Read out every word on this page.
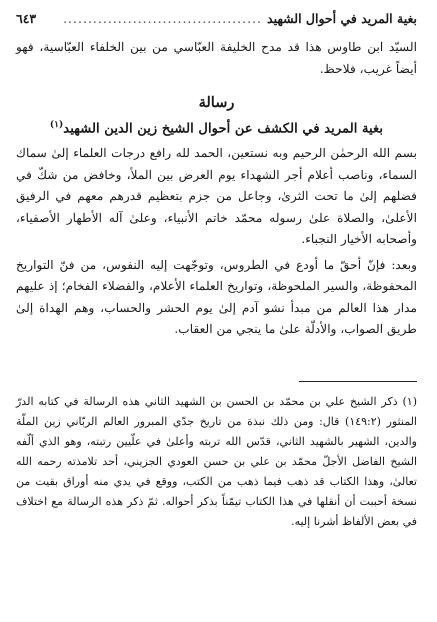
بغية المريد في أحوال الشهيد
........................................
٦٤٣

السيّد ابن طاوس هذا قد مدح الخليفة العبّاسي من بين الخلفاء العبّاسية، فهو أيضاً غريب، فلاحظ.

رسالة
بغية المريد في الكشف عن أحوال الشيخ زين الدين الشهيد$^{(١)}$

بسم الله الرحمٰن الرحيم وبه نستعين، الحمد لله رافع درجات العلماء إلىٰ سماك السماء، وناصب أعلام أجر الشهداء يوم العرض بين الملأ، وخافض من شكّ في فضلهم إلىٰ ما تحت الثرىٰ، وجاعل من جزم بتعظيم قدرهم معهم في الرفيق الأعلىٰ، والصلاة علىٰ رسوله محمّد خاتم الأنبياء، وعلىٰ آله الأطهار الأصفياء، وأصحابه الأخيار النجباء.

وبعد: فإنّ أحقّ ما أودع في الطروس، وتوجّهت إليه النفوس، من فنّ التواريخ المحفوظة، والسير الملحوظة، وتواريخ العلماء الأعلام، والفضلاء الفخام؛ إذ عليهم مدار هذا العالم من مبدأ نشو آدم إلىٰ يوم الحشر والحساب، وهم الهداة إلىٰ طريق الصواب، والأدلّة علىٰ ما ينجي من العقاب.

(١) ذكر الشيخ علي بن محمّد بن الحسن بن الشهيد الثاني هذه الرسالة في كتابه الدرّ المنثور (١٤٩:٢) قال: ومن ذلك نبذة من تاريخ جدّي المبرور العالم الربّاني زين الملّة والدين، الشهير بالشهيد الثاني، قدّس الله تربته وأعلىٰ في علّيين رتبته، وهو الذي ألّفه الشيخ الفاضل الأجلّ محمّد بن علي بن حسن العودي الجزيني، أحد تلامذته رحمه الله تعالىٰ، وهذا الكتاب قد ذهب فيما ذهب من الكتب، ووقع في يدي منه أوراق بقيت من نسخة أحببت أن أنقلها في هذا الكتاب تيمّناً بذكر أحواله. ثمّ ذكر هذه الرسالة مع اختلاف في بعض الألفاظ أشرنا إليه.
